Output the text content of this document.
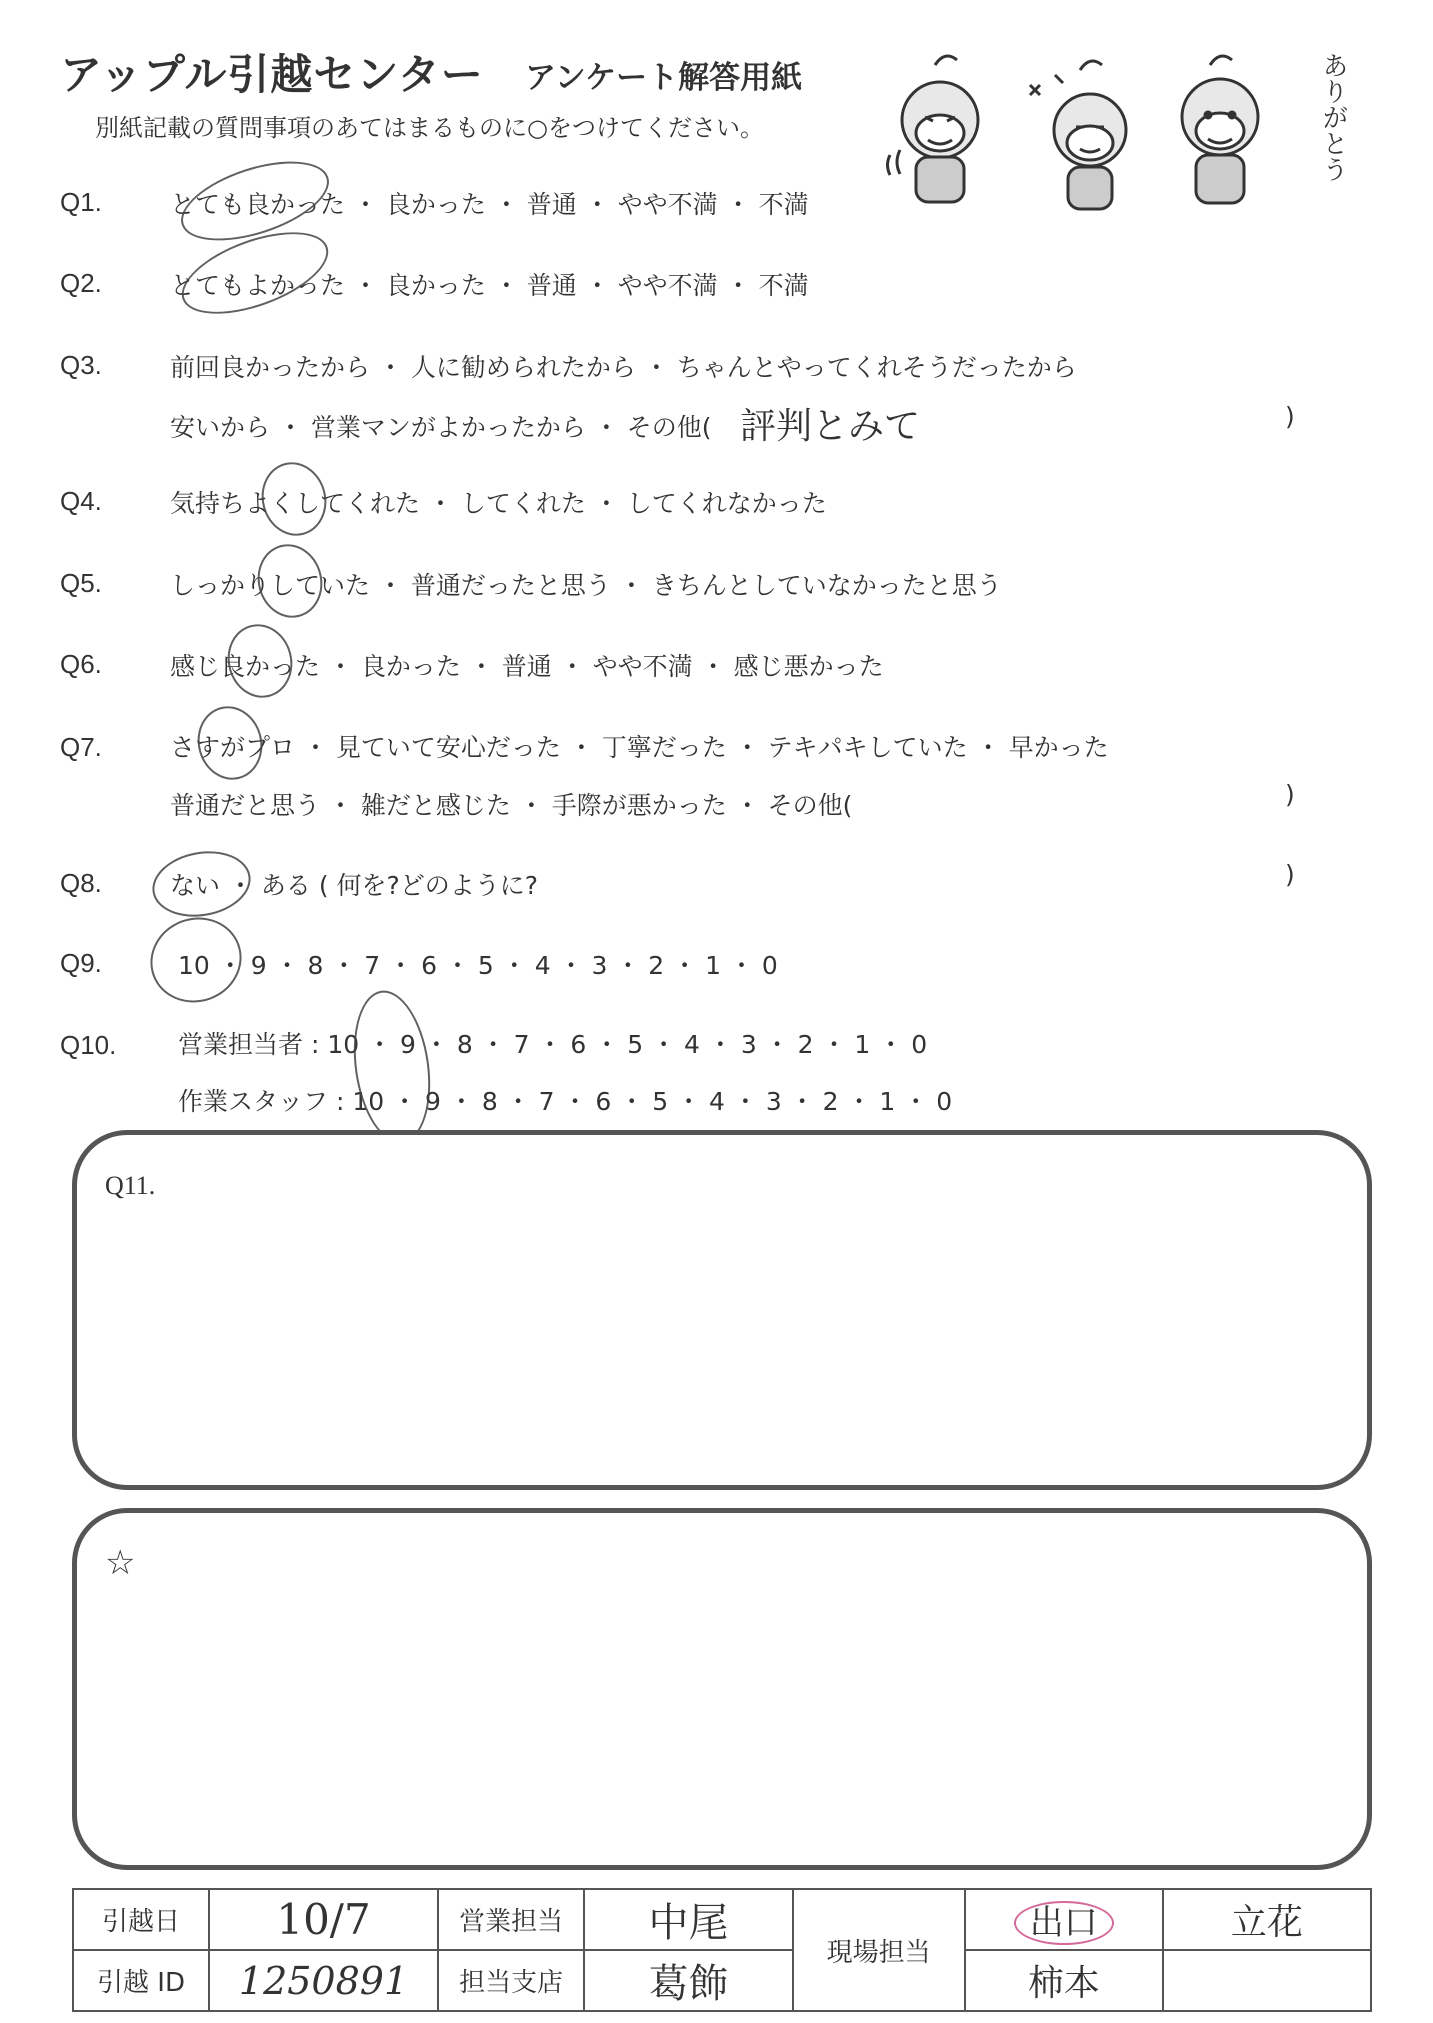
アップル引越センター アンケート解答用紙
別紙記載の質問事項のあてはまるものに○をつけてください。	ありがとう
Q1.	とても良かった ・ 良かった ・ 普通 ・ やや不満 ・ 不満
Q2.	とてもよかった ・ 良かった ・ 普通 ・ やや不満 ・ 不満
Q3.	前回良かったから ・ 人に勧められたから ・ ちゃんとやってくれそうだったから
安いから ・ 営業マンがよかったから ・ その他( 評判とみて	)
Q4.	気持ちよくしてくれた ・ してくれた ・ してくれなかった
Q5.	しっかりしていた ・ 普通だったと思う ・ きちんとしていなかったと思う
Q6.	感じ良かった ・ 良かった ・ 普通 ・ やや不満 ・ 感じ悪かった
Q7.	さすがプロ ・ 見ていて安心だった ・ 丁寧だった ・ テキパキしていた ・ 早かった
普通だと思う ・ 雑だと感じた ・ 手際が悪かった ・ その他(	)
Q8.	ない ・ ある ( 何を?どのように?	)
Q9.	10 ・ 9 ・ 8 ・ 7 ・ 6 ・ 5 ・ 4 ・ 3 ・ 2 ・ 1 ・ 0
Q10. 営業担当者 : 10 ・ 9 ・ 8 ・ 7 ・ 6 ・ 5 ・ 4 ・ 3 ・ 2 ・ 1 ・ 0
作業スタッフ : 10 ・ 9 ・ 8 ・ 7 ・ 6 ・ 5 ・ 4 ・ 3 ・ 2 ・ 1 ・ 0
Q11.
☆
引越日	10/7	営業担当	中尾	現場担当	出口	立花
引越 ID	1250891	担当支店	葛飾		柿本	
